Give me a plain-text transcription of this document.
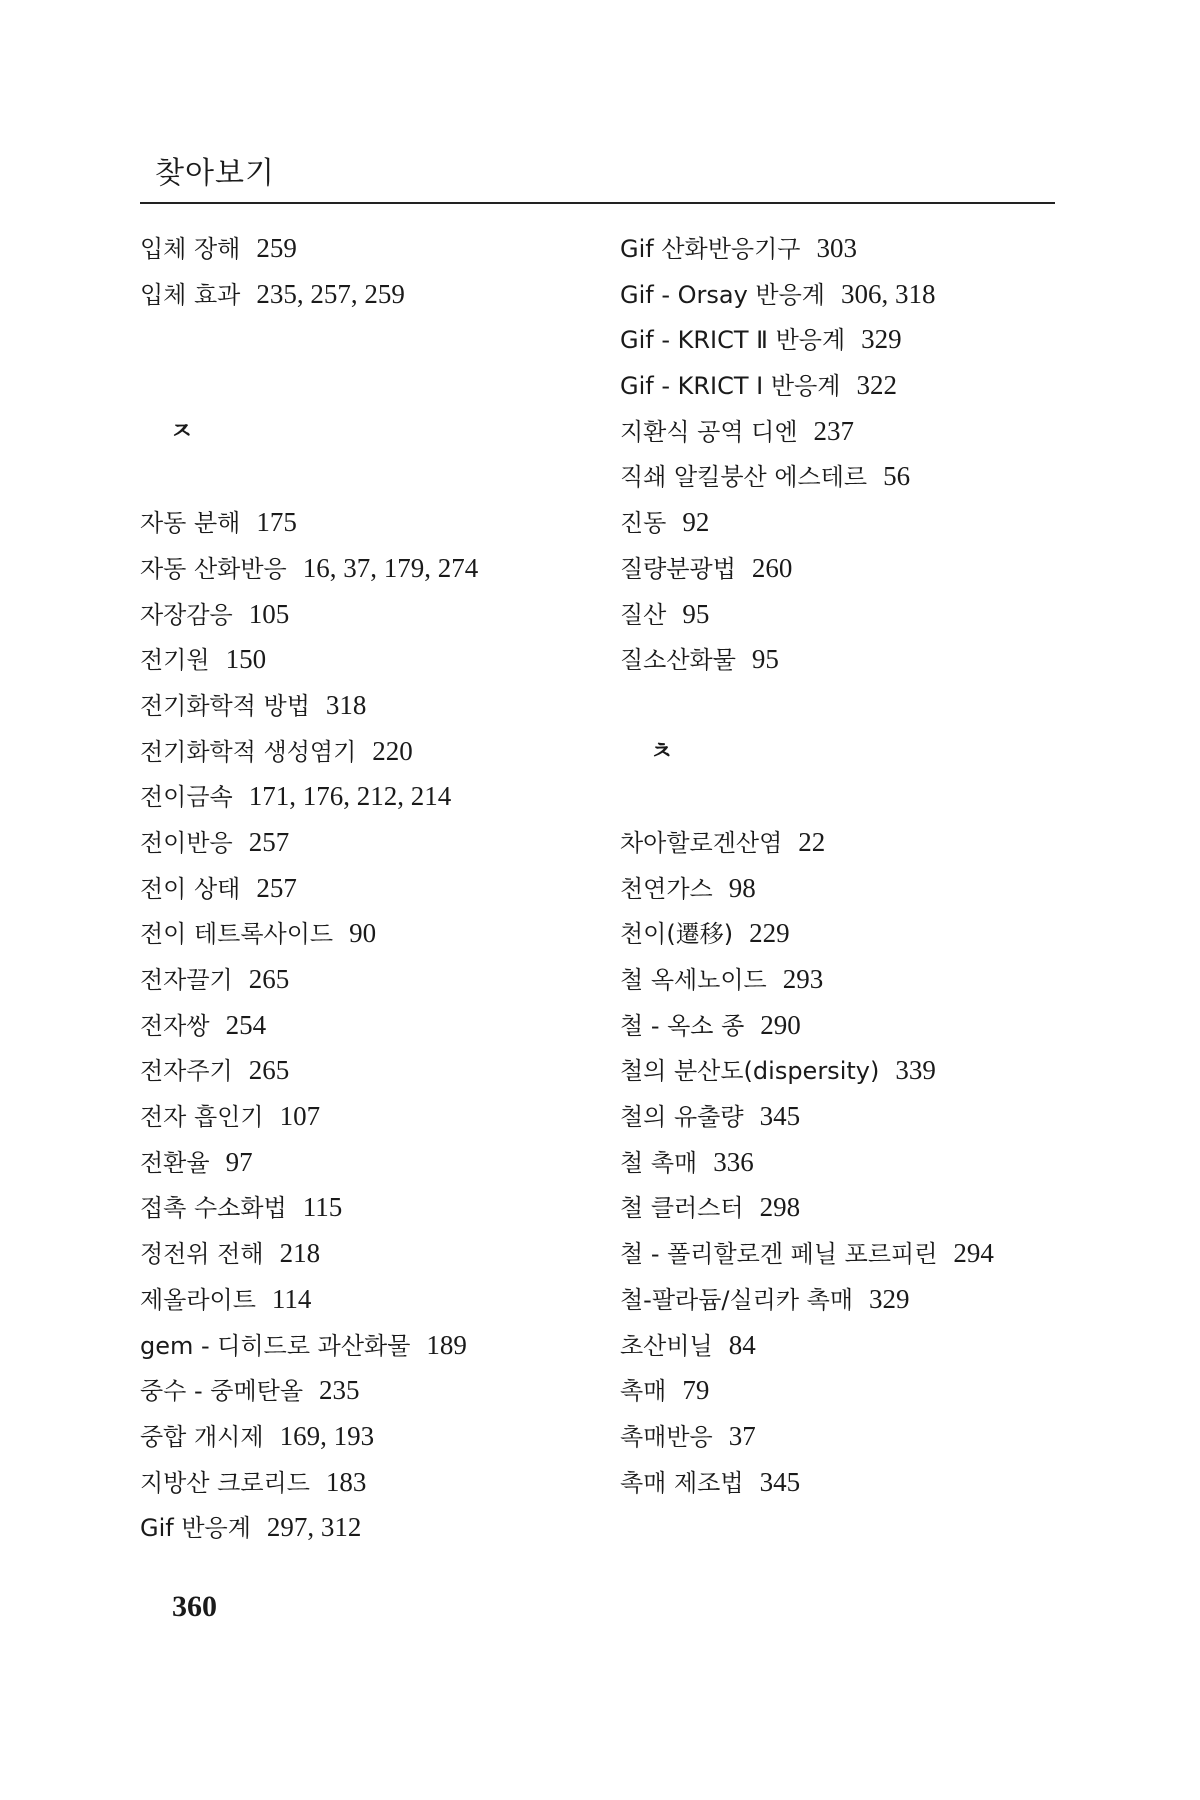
찾아보기
입체 장해 259
입체 효과 235, 257, 259
ㅈ
자동 분해 175
자동 산화반응 16, 37, 179, 274
자장감응 105
전기원 150
전기화학적 방법 318
전기화학적 생성염기 220
전이금속 171, 176, 212, 214
전이반응 257
전이 상태 257
전이 테트록사이드 90
전자끌기 265
전자쌍 254
전자주기 265
전자 흡인기 107
전환율 97
접촉 수소화법 115
정전위 전해 218
제올라이트 114
gem - 디히드로 과산화물 189
중수 - 중메탄올 235
중합 개시제 169, 193
지방산 크로리드 183
Gif 반응계 297, 312
Gif 산화반응기구 303
Gif - Orsay 반응계 306, 318
Gif - KRICT Ⅱ 반응계 329
Gif - KRICT Ⅰ 반응계 322
지환식 공역 디엔 237
직쇄 알킬붕산 에스테르 56
진동 92
질량분광법 260
질산 95
질소산화물 95
ㅊ
차아할로겐산염 22
천연가스 98
천이(遷移) 229
철 옥세노이드 293
철 - 옥소 종 290
철의 분산도(dispersity) 339
철의 유출량 345
철 촉매 336
철 클러스터 298
철 - 폴리할로겐 페닐 포르피린 294
철-팔라듐/실리카 촉매 329
초산비닐 84
촉매 79
촉매반응 37
촉매 제조법 345
360
